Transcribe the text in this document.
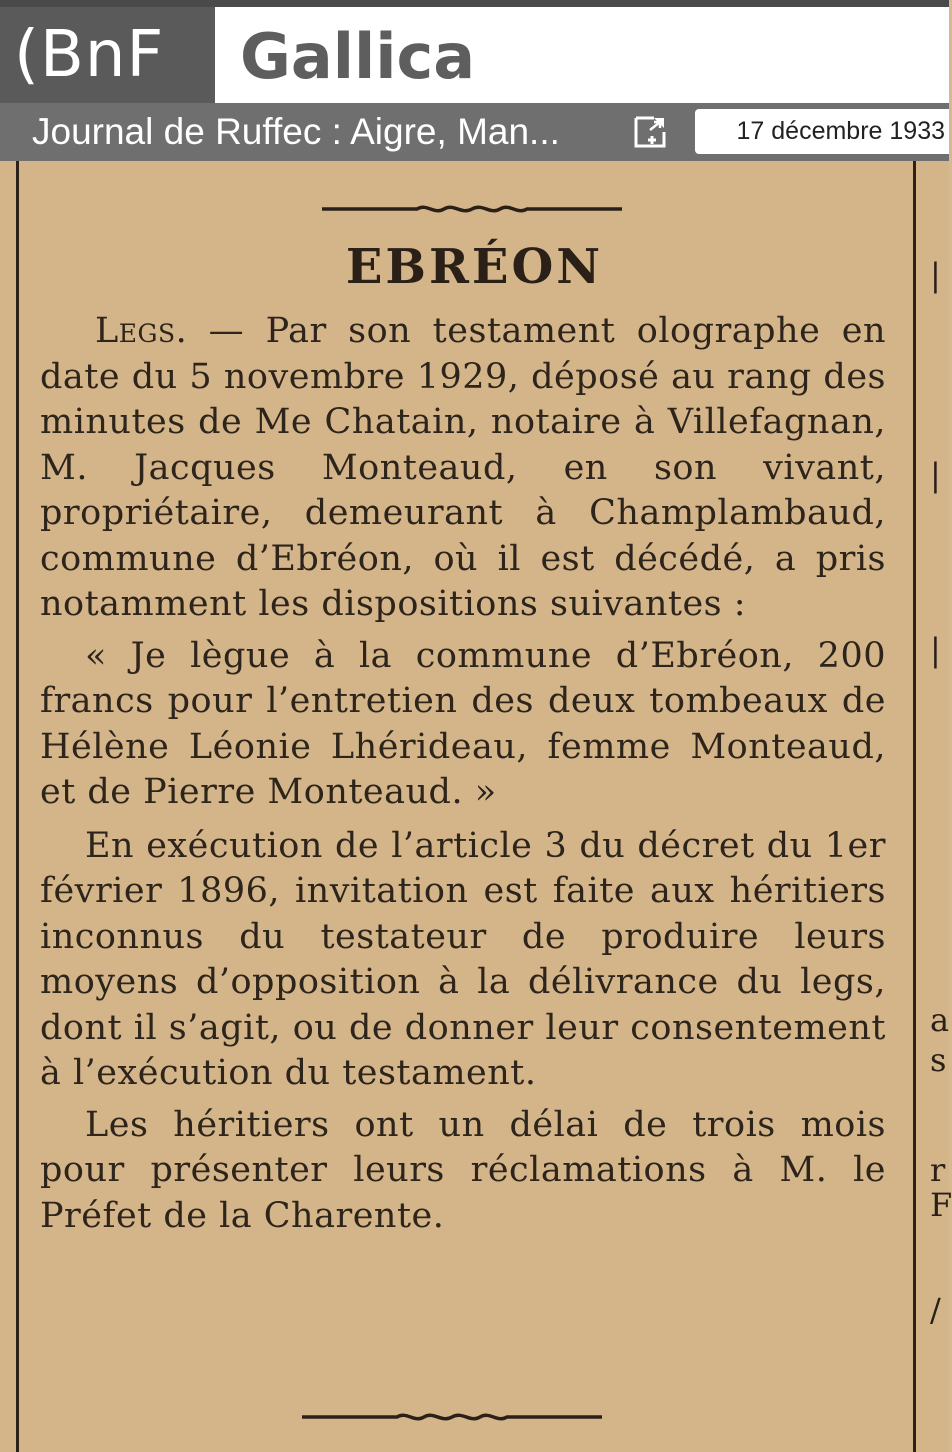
(BnF	Gallica
Journal de Ruffec : Aigre, Man...	17 décembre 1933
EBRÉON

Legs. — Par son testament olographe en date du 5 novembre 1929, déposé au rang des minutes de Me Chatain, notaire à Villefagnan, M. Jacques Monteaud, en son vivant, propriétaire, demeurant à Champlambaud, commune d’Ebréon, où il est décédé, a pris notamment les dispositions suivantes :

« Je lègue à la commune d’Ebréon, 200 francs pour l’entretien des deux tombeaux de Hélène Léonie Lhérideau, femme Monteaud, et de Pierre Monteaud. »

En exécution de l’article 3 du décret du 1er février 1896, invitation est faite aux héritiers inconnus du testateur de produire leurs moyens d’opposition à la délivrance du legs, dont il s’agit, ou de donner leur consentement à l’exécution du testament.

Les héritiers ont un délai de trois mois pour présenter leurs réclamations à M. le Préfet de la Charente.

|
|
|
a
s
r
F
/
